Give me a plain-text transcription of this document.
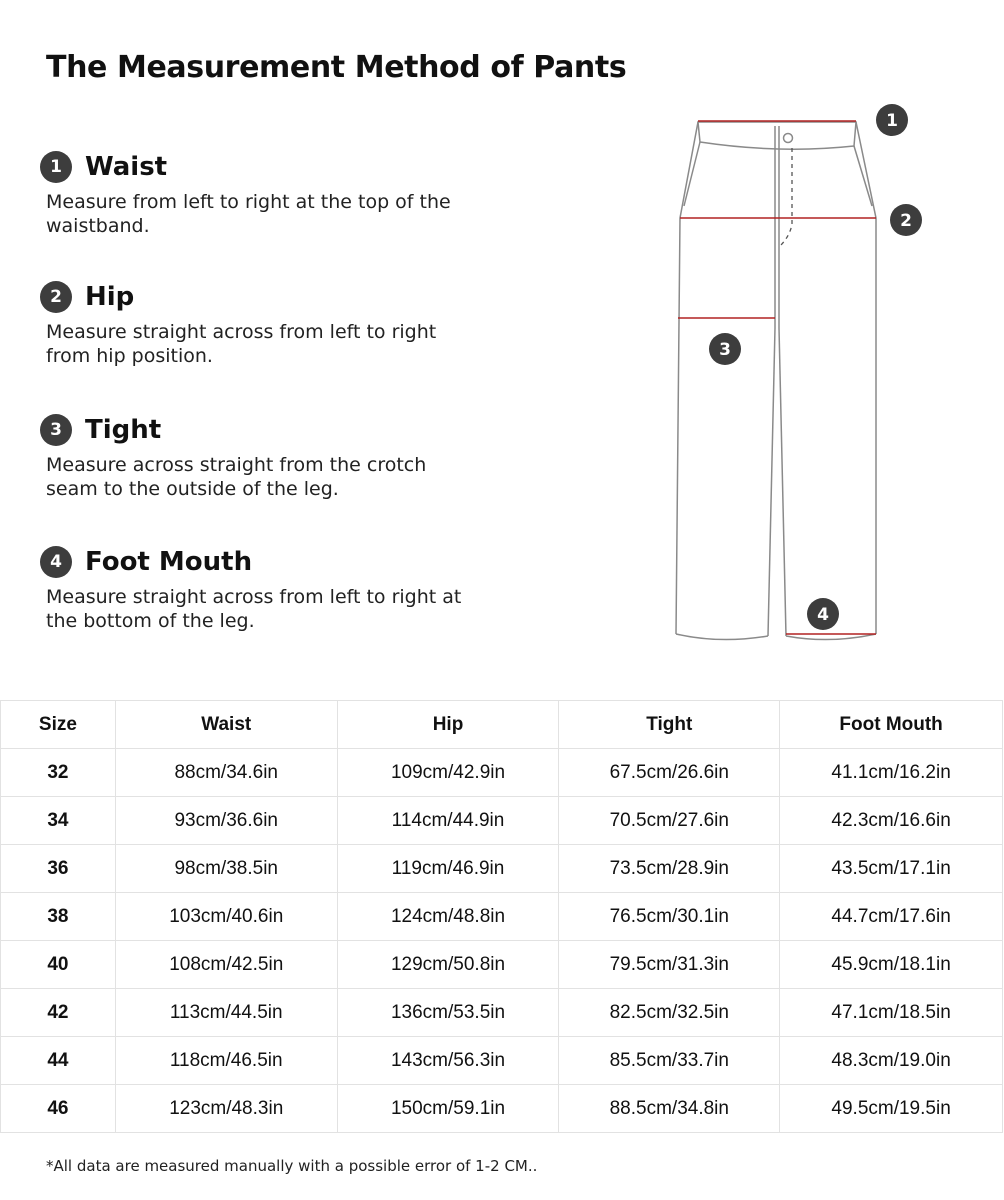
The Measurement Method of Pants
1 Waist
Measure from left to right at the top of the waistband.
2 Hip
Measure straight across from left to right from hip position.
3 Tight
Measure across straight from the crotch seam to the outside of the leg.
4 Foot Mouth
Measure straight across from left to right at the bottom of the leg.
1
2
3
4
Size	Waist	Hip	Tight	Foot Mouth
32	88cm/34.6in	109cm/42.9in	67.5cm/26.6in	41.1cm/16.2in
34	93cm/36.6in	114cm/44.9in	70.5cm/27.6in	42.3cm/16.6in
36	98cm/38.5in	119cm/46.9in	73.5cm/28.9in	43.5cm/17.1in
38	103cm/40.6in	124cm/48.8in	76.5cm/30.1in	44.7cm/17.6in
40	108cm/42.5in	129cm/50.8in	79.5cm/31.3in	45.9cm/18.1in
42	113cm/44.5in	136cm/53.5in	82.5cm/32.5in	47.1cm/18.5in
44	118cm/46.5in	143cm/56.3in	85.5cm/33.7in	48.3cm/19.0in
46	123cm/48.3in	150cm/59.1in	88.5cm/34.8in	49.5cm/19.5in
*All data are measured manually with a possible error of 1-2 CM..
